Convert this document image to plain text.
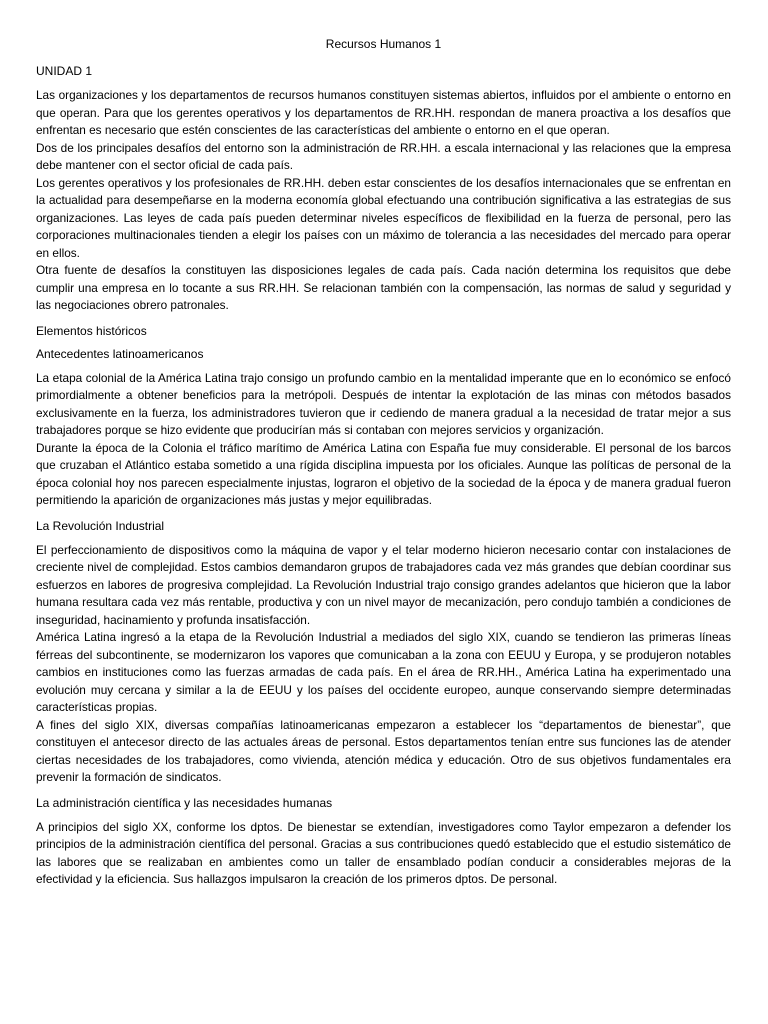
Recursos Humanos 1
UNIDAD 1
Las organizaciones y los departamentos de recursos humanos constituyen sistemas abiertos, influidos por el ambiente o entorno en que operan. Para que los gerentes operativos y los departamentos de RR.HH. respondan de manera proactiva a los desafíos que enfrentan es necesario que estén conscientes de las características del ambiente o entorno en el que operan.
Dos de los principales desafíos del entorno son la administración de RR.HH. a escala internacional y las relaciones que la empresa debe mantener con el sector oficial de cada país.
Los gerentes operativos y los profesionales de RR.HH. deben estar conscientes de los desafíos internacionales que se enfrentan en la actualidad para desempeñarse en la moderna economía global efectuando una contribución significativa a las estrategias de sus organizaciones. Las leyes de cada país pueden determinar niveles específicos de flexibilidad en la fuerza de personal, pero las corporaciones multinacionales tienden a elegir los países con un máximo de tolerancia a las necesidades del mercado para operar en ellos.
Otra fuente de desafíos la constituyen las disposiciones legales de cada país. Cada nación determina los requisitos que debe cumplir una empresa en lo tocante a sus RR.HH. Se relacionan también con la compensación, las normas de salud y seguridad y las negociaciones obrero patronales.
Elementos históricos
Antecedentes latinoamericanos
La etapa colonial de la América Latina trajo consigo un profundo cambio en la mentalidad imperante que en lo económico se enfocó primordialmente a obtener beneficios para la metrópoli. Después de intentar la explotación de las minas con métodos basados exclusivamente en la fuerza, los administradores tuvieron que ir cediendo de manera gradual a la necesidad de tratar mejor a sus trabajadores porque se hizo evidente que producirían más si contaban con mejores servicios y organización.
Durante la época de la Colonia el tráfico marítimo de América Latina con España fue muy considerable. El personal de los barcos que cruzaban el Atlántico estaba sometido a una rígida disciplina impuesta por los oficiales. Aunque las políticas de personal de la época colonial hoy nos parecen especialmente injustas, lograron el objetivo de la sociedad de la época y de manera gradual fueron permitiendo la aparición de organizaciones más justas y mejor equilibradas.
La Revolución Industrial
El perfeccionamiento de dispositivos como la máquina de vapor y el telar moderno hicieron necesario contar con instalaciones de creciente nivel de complejidad. Estos cambios demandaron grupos de trabajadores cada vez más grandes que debían coordinar sus esfuerzos en labores de progresiva complejidad. La Revolución Industrial trajo consigo grandes adelantos que hicieron que la labor humana resultara cada vez más rentable, productiva y con un nivel mayor de mecanización, pero condujo también a condiciones de inseguridad, hacinamiento y profunda insatisfacción.
América Latina ingresó a la etapa de la Revolución Industrial a mediados del siglo XIX, cuando se tendieron las primeras líneas férreas del subcontinente, se modernizaron los vapores que comunicaban a la zona con EEUU y Europa, y se produjeron notables cambios en instituciones como las fuerzas armadas de cada país. En el área de RR.HH., América Latina ha experimentado una evolución muy cercana y similar a la de EEUU y los países del occidente europeo, aunque conservando siempre determinadas características propias.
A fines del siglo XIX, diversas compañías latinoamericanas empezaron a establecer los “departamentos de bienestar”, que constituyen el antecesor directo de las actuales áreas de personal. Estos departamentos tenían entre sus funciones las de atender ciertas necesidades de los trabajadores, como vivienda, atención médica y educación. Otro de sus objetivos fundamentales era prevenir la formación de sindicatos.
La administración científica y las necesidades humanas
A principios del siglo XX, conforme los dptos. De bienestar se extendían, investigadores como Taylor empezaron a defender los principios de la administración científica del personal. Gracias a sus contribuciones quedó establecido que el estudio sistemático de las labores que se realizaban en ambientes como un taller de ensamblado podían conducir a considerables mejoras de la efectividad y la eficiencia. Sus hallazgos impulsaron la creación de los primeros dptos. De personal.
